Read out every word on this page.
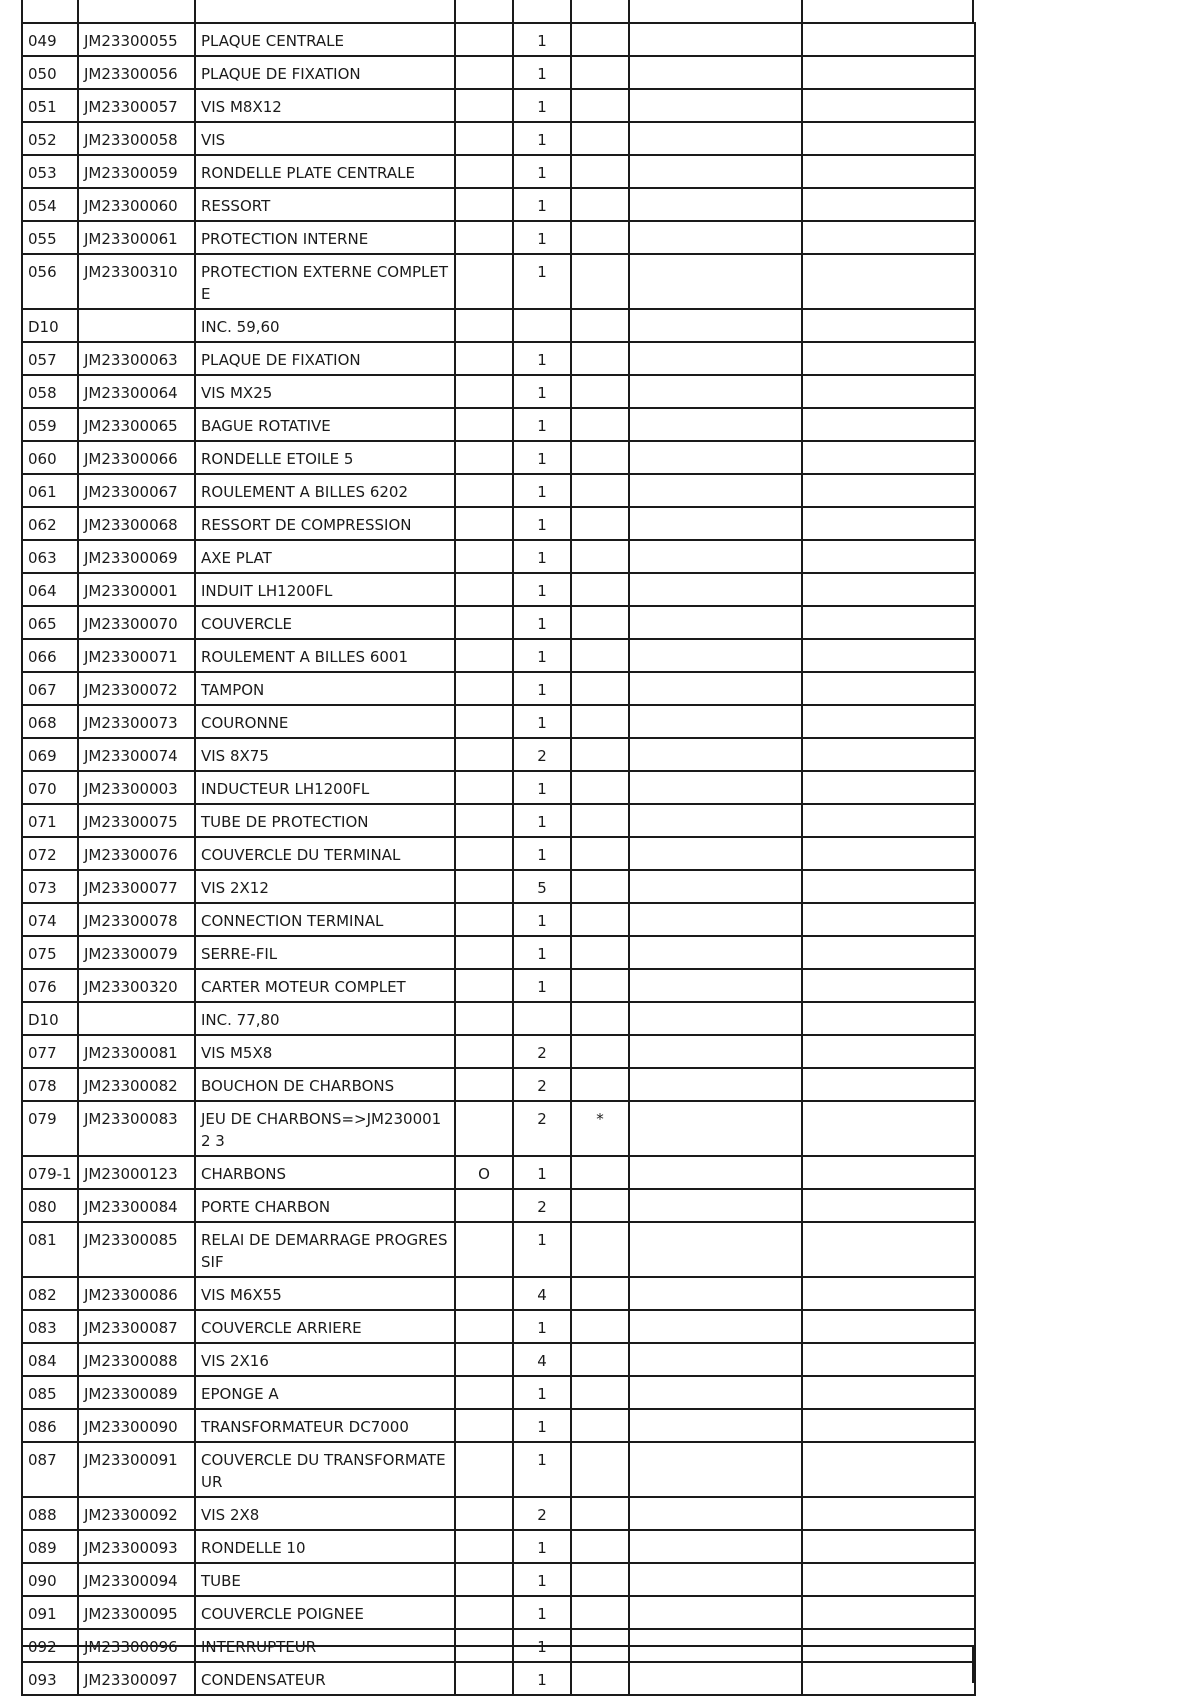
049	JM23300055	PLAQUE CENTRALE		1			
050	JM23300056	PLAQUE DE FIXATION		1			
051	JM23300057	VIS M8X12		1			
052	JM23300058	VIS		1			
053	JM23300059	RONDELLE PLATE CENTRALE		1			
054	JM23300060	RESSORT		1			
055	JM23300061	PROTECTION INTERNE		1			
056	JM23300310	PROTECTION EXTERNE COMPLET E		1			
D10		INC. 59,60					
057	JM23300063	PLAQUE DE FIXATION		1			
058	JM23300064	VIS MX25		1			
059	JM23300065	BAGUE ROTATIVE		1			
060	JM23300066	RONDELLE ETOILE 5		1			
061	JM23300067	ROULEMENT A BILLES 6202		1			
062	JM23300068	RESSORT DE COMPRESSION		1			
063	JM23300069	AXE PLAT		1			
064	JM23300001	INDUIT LH1200FL		1			
065	JM23300070	COUVERCLE		1			
066	JM23300071	ROULEMENT A BILLES 6001		1			
067	JM23300072	TAMPON		1			
068	JM23300073	COURONNE		1			
069	JM23300074	VIS 8X75		2			
070	JM23300003	INDUCTEUR LH1200FL		1			
071	JM23300075	TUBE DE PROTECTION		1			
072	JM23300076	COUVERCLE DU TERMINAL		1			
073	JM23300077	VIS 2X12		5			
074	JM23300078	CONNECTION TERMINAL		1			
075	JM23300079	SERRE-FIL		1			
076	JM23300320	CARTER MOTEUR COMPLET		1			
D10		INC. 77,80					
077	JM23300081	VIS M5X8		2			
078	JM23300082	BOUCHON DE CHARBONS		2			
079	JM23300083	JEU DE CHARBONS=>JM2300012 3		2	*		
079-1	JM23000123	CHARBONS	O	1			
080	JM23300084	PORTE CHARBON		2			
081	JM23300085	RELAI DE DEMARRAGE PROGRES SIF		1			
082	JM23300086	VIS M6X55		4			
083	JM23300087	COUVERCLE ARRIERE		1			
084	JM23300088	VIS 2X16		4			
085	JM23300089	EPONGE A		1			
086	JM23300090	TRANSFORMATEUR DC7000		1			
087	JM23300091	COUVERCLE DU TRANSFORMATE UR		1			
088	JM23300092	VIS 2X8		2			
089	JM23300093	RONDELLE 10		1			
090	JM23300094	TUBE		1			
091	JM23300095	COUVERCLE POIGNEE		1			
092	JM23300096	INTERRUPTEUR		1			
093	JM23300097	CONDENSATEUR		1			
